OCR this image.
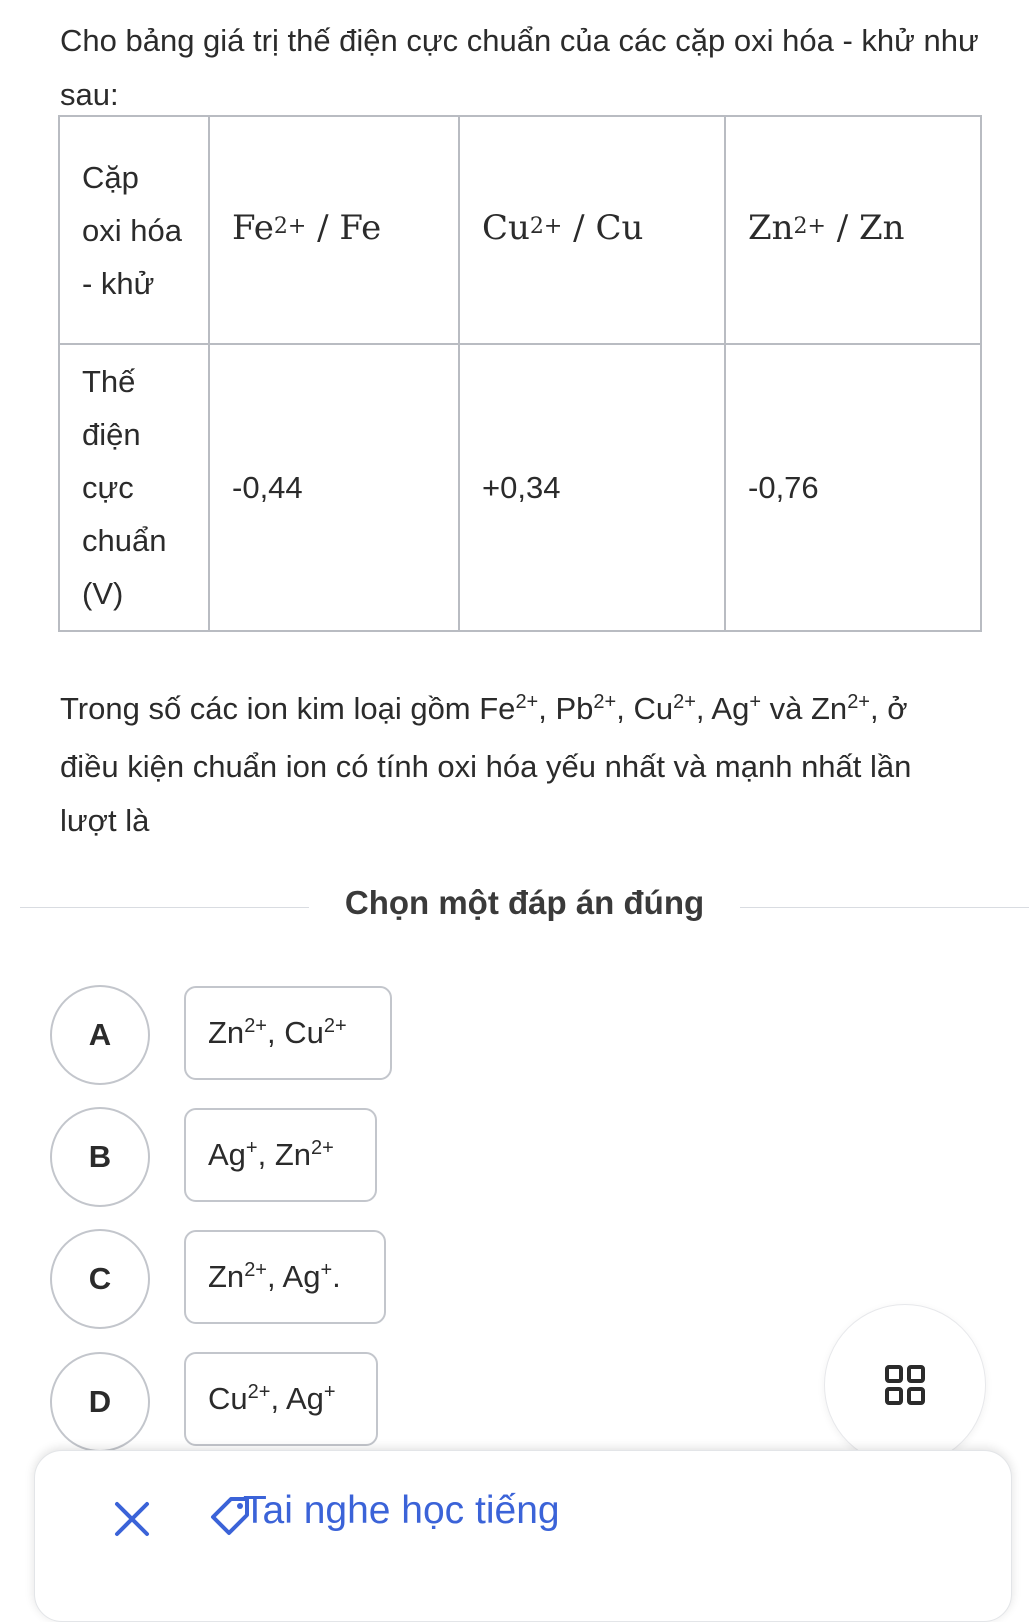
Cho bảng giá trị thế điện cực chuẩn của các cặp oxi hóa - khử như sau:
Cặp oxi hóa - khử	$Fe^{2+}$ / Fe	$Cu^{2+}$ / Cu	$Zn^{2+}$ / Zn
Thế điện cực chuẩn (V)	-0,44	+0,34	-0,76
Trong số các ion kim loại gồm $Fe^{2+}$, $Pb^{2+}$, $Cu^{2+}$, Ag+ và $Zn^{2+}$, ở điều kiện chuẩn ion có tính oxi hóa yếu nhất và mạnh nhất lần lượt là
Chọn một đáp án đúng
A	$Zn^{2+}$, $Cu^{2+}$
B	Ag+, $Zn^{2+}$
C	$Zn^{2+}$, Ag+.
D	$Cu^{2+}$, Ag+
Tai nghe học tiếng
